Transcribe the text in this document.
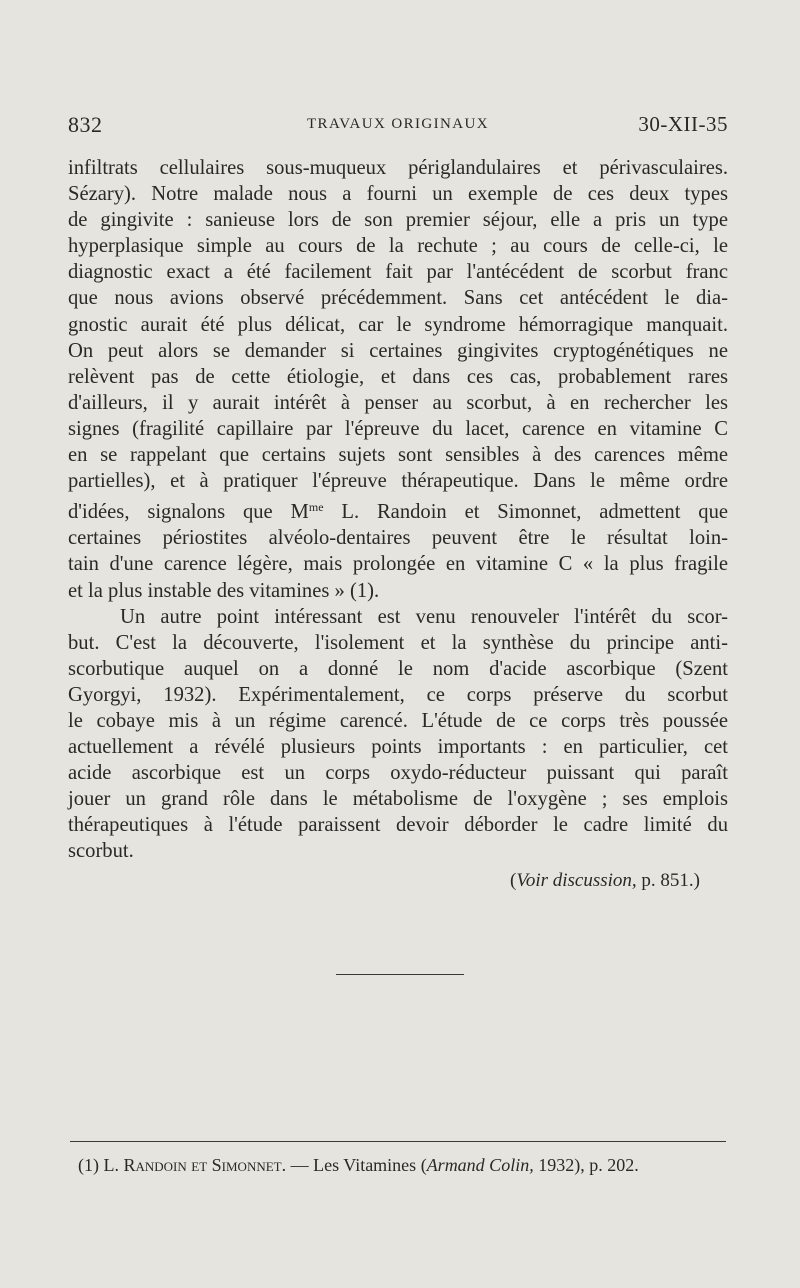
832	TRAVAUX ORIGINAUX	30-XII-35

infiltrats cellulaires sous-muqueux périglandulaires et périvasculaires.
Sézary). Notre malade nous a fourni un exemple de ces deux types
de gingivite : sanieuse lors de son premier séjour, elle a pris un type
hyperplasique simple au cours de la rechute ; au cours de celle-ci, le
diagnostic exact a été facilement fait par l'antécédent de scorbut franc
que nous avions observé précédemment. Sans cet antécédent le dia-
gnostic aurait été plus délicat, car le syndrome hémorragique manquait.
On peut alors se demander si certaines gingivites cryptogénétiques ne
relèvent pas de cette étiologie, et dans ces cas, probablement rares
d'ailleurs, il y aurait intérêt à penser au scorbut, à en rechercher les
signes (fragilité capillaire par l'épreuve du lacet, carence en vitamine C
en se rappelant que certains sujets sont sensibles à des carences même
partielles), et à pratiquer l'épreuve thérapeutique. Dans le même ordre
d'idées, signalons que $M^{me}$ L. Randoin et Simonnet, admettent que
certaines périostites alvéolo-dentaires peuvent être le résultat loin-
tain d'une carence légère, mais prolongée en vitamine C « la plus fragile
et la plus instable des vitamines » (1).

Un autre point intéressant est venu renouveler l'intérêt du scor-
but. C'est la découverte, l'isolement et la synthèse du principe anti-
scorbutique auquel on a donné le nom d'acide ascorbique (Szent
Gyorgyi, 1932). Expérimentalement, ce corps préserve du scorbut
le cobaye mis à un régime carencé. L'étude de ce corps très poussée
actuellement a révélé plusieurs points importants : en particulier, cet
acide ascorbique est un corps oxydo-réducteur puissant qui paraît
jouer un grand rôle dans le métabolisme de l'oxygène ; ses emplois
thérapeutiques à l'étude paraissent devoir déborder le cadre limité du
scorbut.

(Voir discussion, p. 851.)
(1) L. Randoin et Simonnet. — Les Vitamines (Armand Colin, 1932), p. 202.
